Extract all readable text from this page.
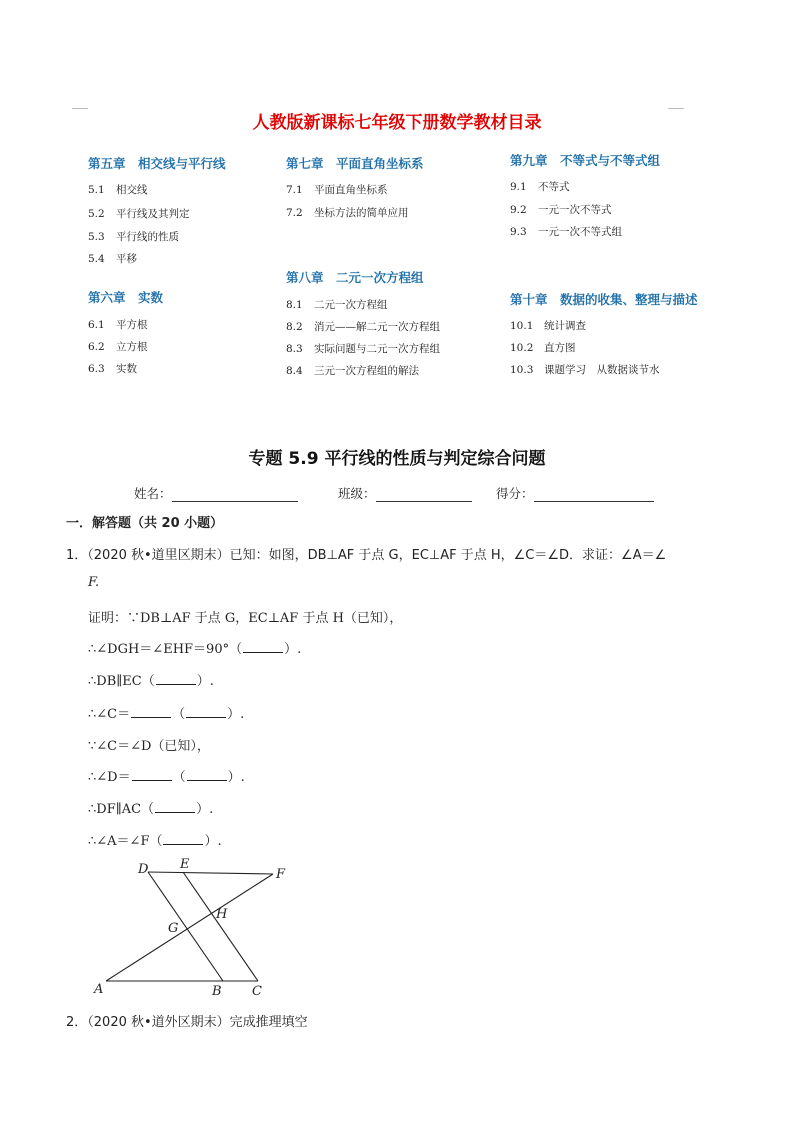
人教版新课标七年级下册数学教材目录
第五章　相交线与平行线
5.1 相交线
5.2 平行线及其判定
5.3 平行线的性质
5.4 平移
第六章　实数
6.1 平方根
6.2 立方根
6.3 实数
第七章　平面直角坐标系
7.1 平面直角坐标系
7.2 坐标方法的简单应用
第八章　二元一次方程组
8.1 二元一次方程组
8.2 消元——解二元一次方程组
8.3 实际问题与二元一次方程组
8.4 三元一次方程组的解法
第九章　不等式与不等式组
9.1 不等式
9.2 一元一次不等式
9.3 一元一次不等式组
第十章　数据的收集、整理与描述
10.1 统计调查
10.2 直方图
10.3 课题学习　从数据谈节水
专题 5.9 平行线的性质与判定综合问题
姓名：	班级：	得分：
一．解答题（共 20 小题）
1．（2020 秋•道里区期末）已知：如图，DB⊥AF 于点 G，EC⊥AF 于点 H，∠C＝∠D．求证：∠A＝∠
F.
证明：∵DB⊥AF 于点 G，EC⊥AF 于点 H（已知），
∴∠DGH＝∠EHF＝90°（	）.
∴DB∥EC（	）.
∴∠C＝	（	）.
∵∠C＝∠D（已知），
∴∠D＝	（	）.
∴DF∥AC（	）.
∴∠A＝∠F（	）.
D E
F
G
H
A	B C
2．（2020 秋•道外区期末）完成推理填空
